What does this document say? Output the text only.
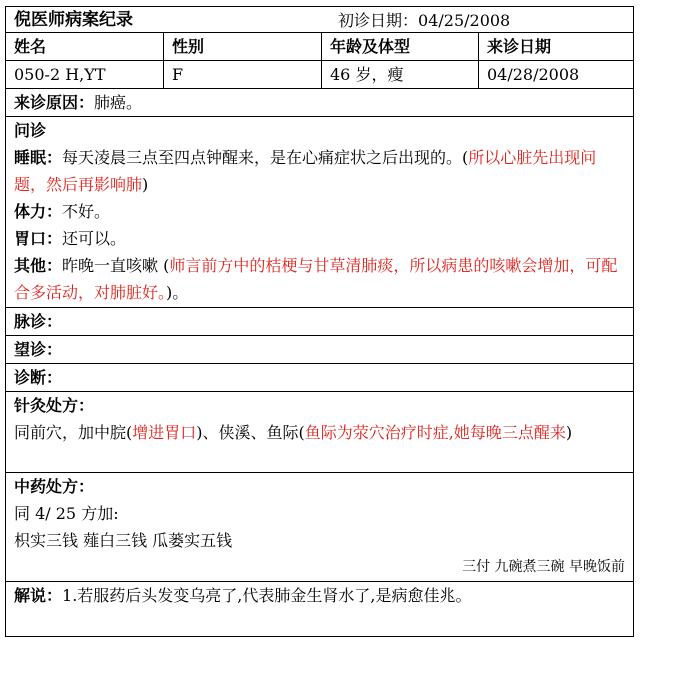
倪医师病案纪录 初诊日期：04/25/2008			

姓名	性别	年龄及体型	来诊日期
050-2 H,YT	F	46 岁，瘦	04/28/2008
来诊原因：肺癌。			

问诊
睡眠：每天凌晨三点至四点钟醒来，是在心痛症状之后出现的。(所以心脏先出现问题，然后再影响肺)
体力：不好。
胃口：还可以。
其他：昨晚一直咳嗽 (师言前方中的桔梗与甘草清肺痰，所以病患的咳嗽会增加，可配合多活动，对肺脏好。)。			

脉诊：			
望诊：			
诊断：			

针灸处方：
同前穴，加中脘(增进胃口)、侠溪、鱼际(鱼际为荥穴治疗时症,她每晚三点醒来)			

中药处方：
同 4/ 25 方加:
枳实三钱 薤白三钱 瓜蒌实五钱
三付 九碗煮三碗 早晚饭前			

解说：1.若服药后头发变乌亮了,代表肺金生肾水了,是病愈佳兆。			
